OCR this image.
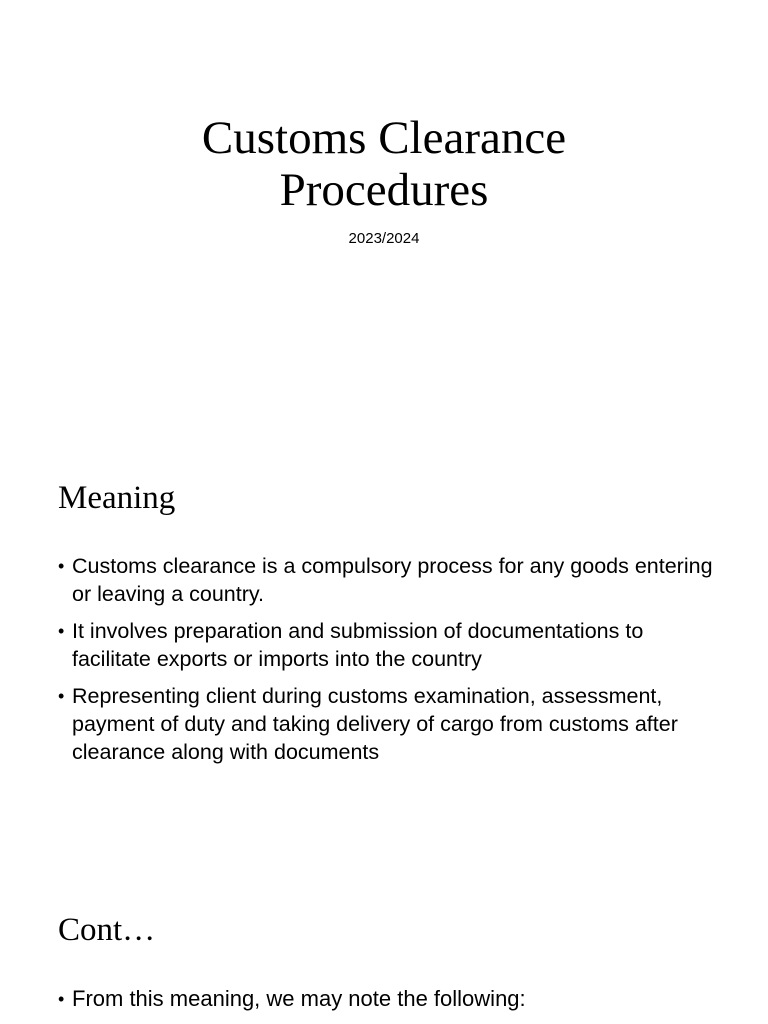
Customs Clearance
Procedures
2023/2024
Meaning
• Customs clearance is a compulsory process for any goods entering or leaving a country.
• It involves preparation and submission of documentations to facilitate exports or imports into the country
• Representing client during customs examination, assessment, payment of duty and taking delivery of cargo from customs after clearance along with documents
Cont…
• From this meaning, we may note the following:
